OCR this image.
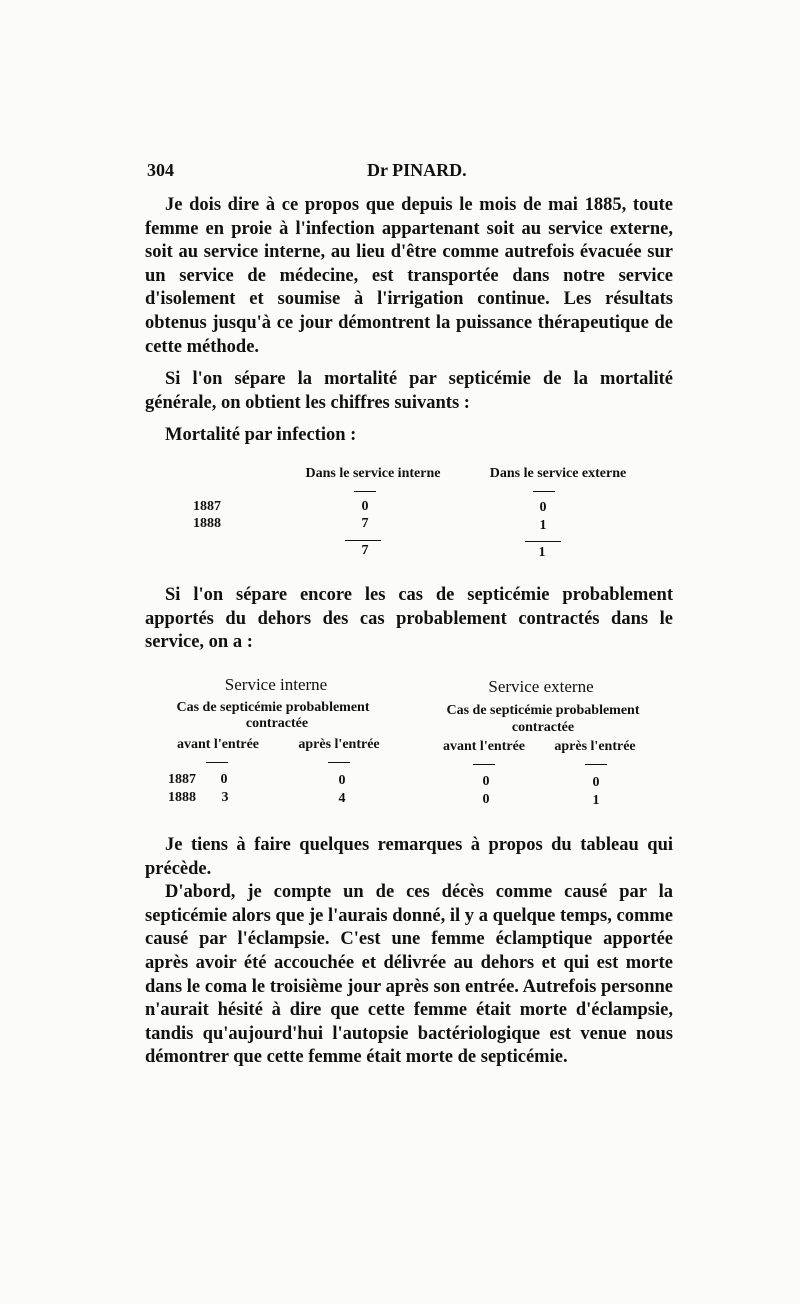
304	Dr PINARD.

Je dois dire à ce propos que depuis le mois de mai 1885, toute femme en proie à l'infection appartenant soit au service externe, soit au service interne, au lieu d'être comme autrefois évacuée sur un service de médecine, est transportée dans notre service d'isolement et soumise à l'irrigation continue. Les résultats obtenus jusqu'à ce jour démontrent la puissance thérapeutique de cette méthode.

Si l'on sépare la mortalité par septicémie de la mortalité générale, on obtient les chiffres suivants :

Mortalité par infection :

Dans le service interne	Dans le service externe
1887	0	0
1888	7	1
7	1

Si l'on sépare encore les cas de septicémie probablement apportés du dehors des cas probablement contractés dans le service, on a :

Service interne	Service externe
Cas de septicémie probablement	Cas de septicémie probablement
contractée	contractée
avant l'entrée	après l'entrée	avant l'entrée après l'entrée
1887 0	0	0	0
1888 3	4	0	1

Je tiens à faire quelques remarques à propos du tableau qui précède.

D'abord, je compte un de ces décès comme causé par la septicémie alors que je l'aurais donné, il y a quelque temps, comme causé par l'éclampsie. C'est une femme éclamptique apportée après avoir été accouchée et délivrée au dehors et qui est morte dans le coma le troisième jour après son entrée. Autrefois personne n'aurait hésité à dire que cette femme était morte d'éclampsie, tandis qu'aujourd'hui l'autopsie bactériologique est venue nous démontrer que cette femme était morte de septicémie.
